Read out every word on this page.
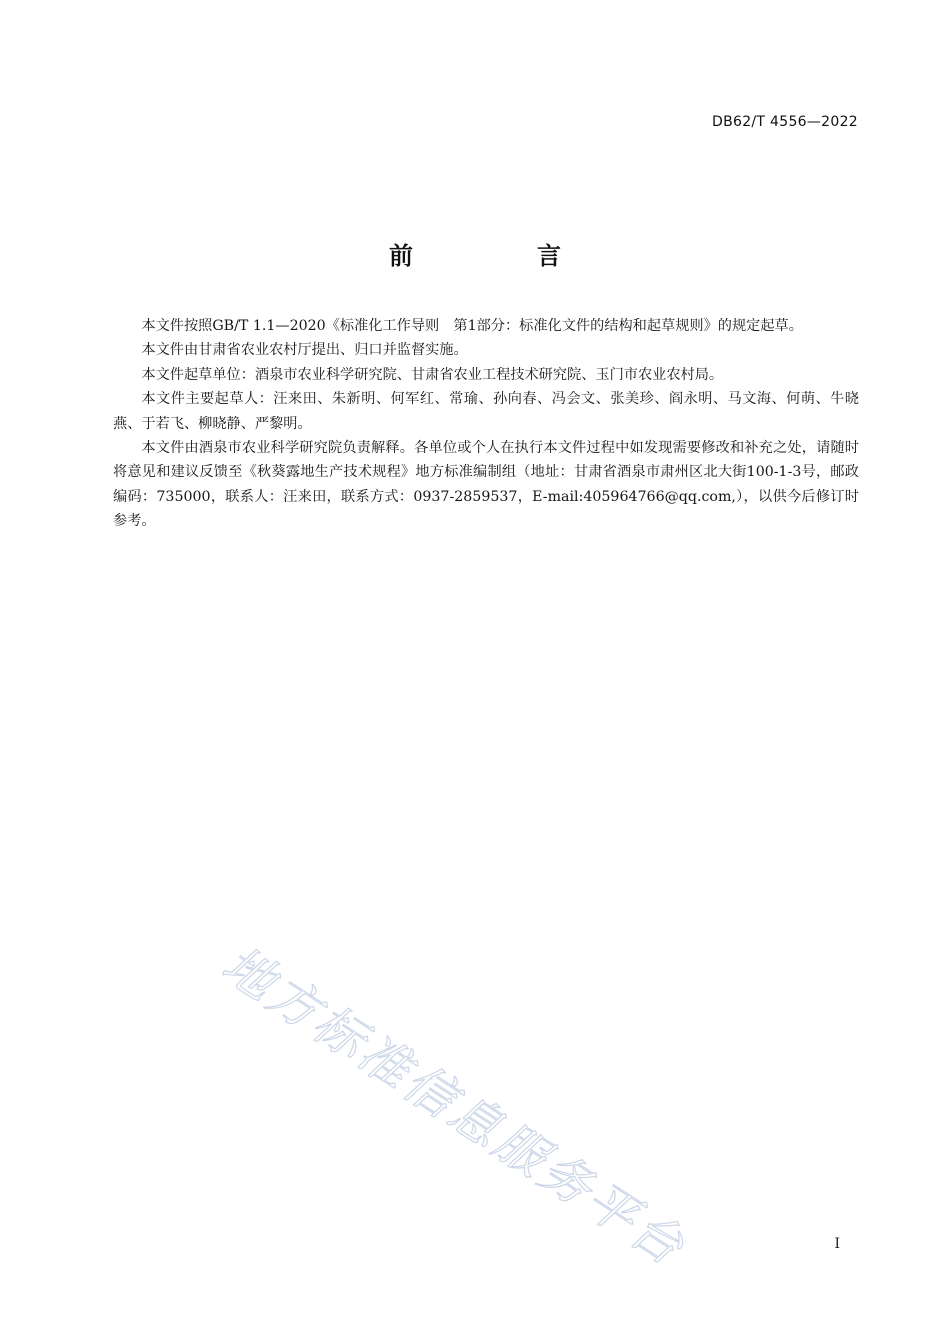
DB62/T 4556—2022
前　言

本文件按照GB/T 1.1—2020《标准化工作导则　第1部分：标准化文件的结构和起草规则》的规定起草。

本文件由甘肃省农业农村厅提出、归口并监督实施。

本文件起草单位：酒泉市农业科学研究院、甘肃省农业工程技术研究院、玉门市农业农村局。

本文件主要起草人：汪来田、朱新明、何军红、常瑜、孙向春、冯会文、张美珍、阎永明、马文海、何萌、牛晓燕、于若飞、柳晓静、严黎明。

本文件由酒泉市农业科学研究院负责解释。各单位或个人在执行本文件过程中如发现需要修改和补充之处，请随时将意见和建议反馈至《秋葵露地生产技术规程》地方标准编制组（地址：甘肃省酒泉市肃州区北大街100-1-3号，邮政编码：735000，联系人：汪来田，联系方式：0937-2859537，E-mail:405964766@qq.com,），以供今后修订时参考。

地方标准信息服务平台	I
